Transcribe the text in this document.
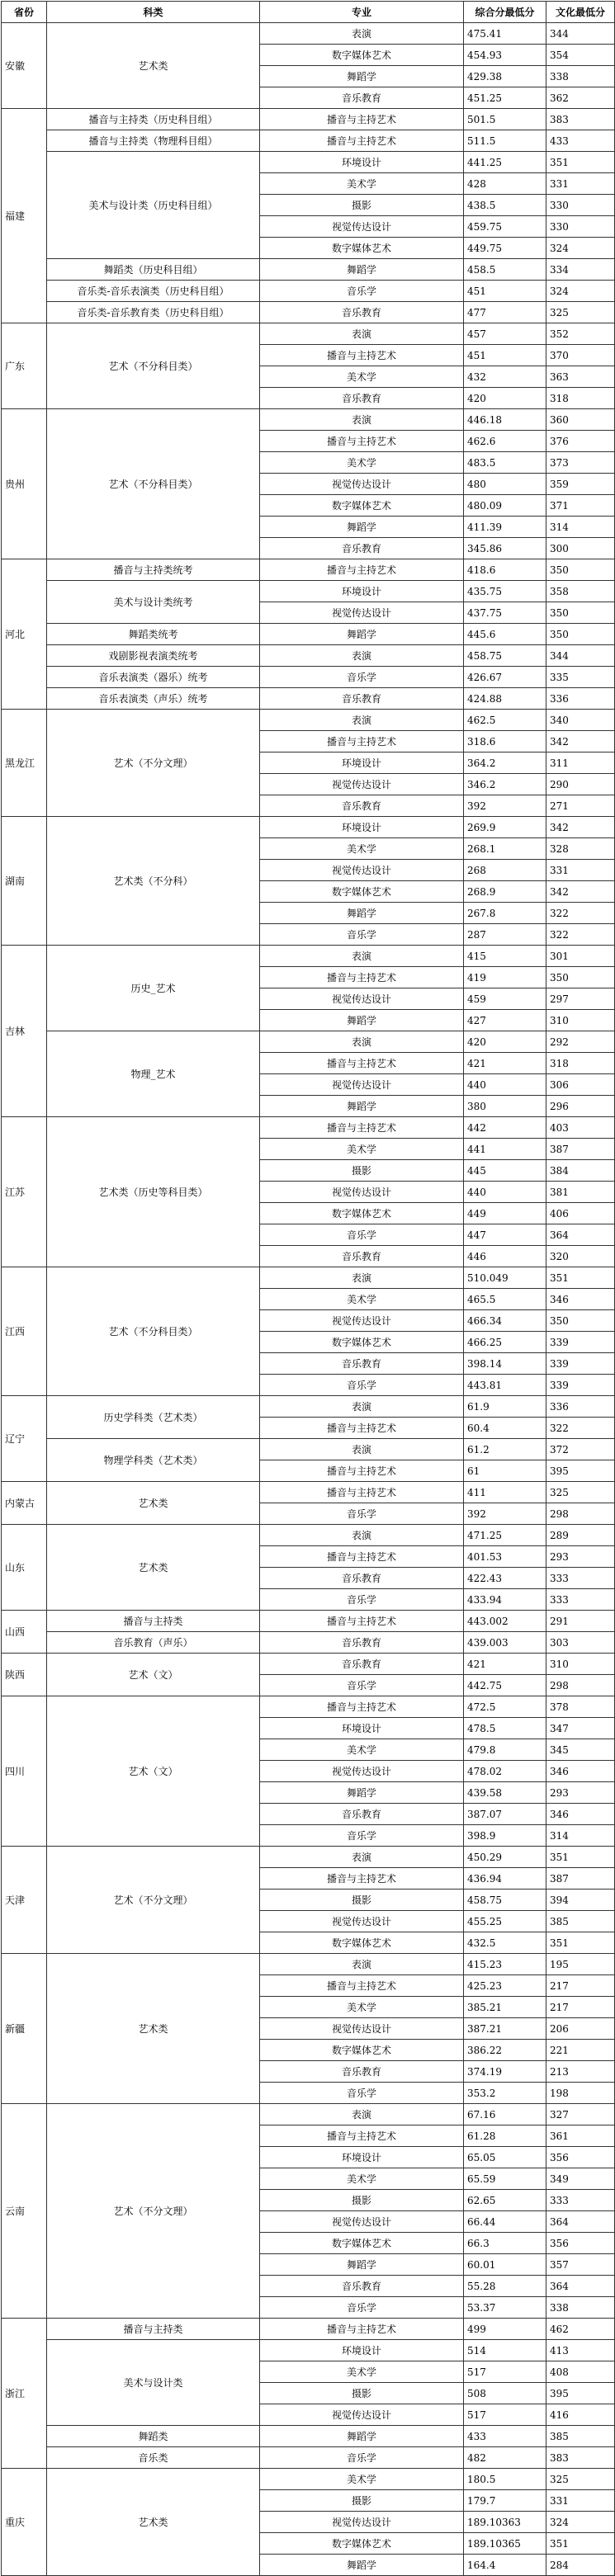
省份	科类	专业	综合分最低分	文化最低分
安徽	艺术类	表演	475.41	344
		数字媒体艺术	454.93	354
		舞蹈学	429.38	338
		音乐教育	451.25	362
福建	播音与主持类（历史科目组）	播音与主持艺术	501.5	383
	播音与主持类（物理科目组）	播音与主持艺术	511.5	433
	美术与设计类（历史科目组）	环境设计	441.25	351
		美术学	428	331
		摄影	438.5	330
		视觉传达设计	459.75	330
		数字媒体艺术	449.75	324
	舞蹈类（历史科目组）	舞蹈学	458.5	334
	音乐类-音乐表演类（历史科目组）	音乐学	451	324
	音乐类-音乐教育类（历史科目组）	音乐教育	477	325
广东	艺术（不分科目类）	表演	457	352
		播音与主持艺术	451	370
		美术学	432	363
		音乐教育	420	318
贵州	艺术（不分科目类）	表演	446.18	360
		播音与主持艺术	462.6	376
		美术学	483.5	373
		视觉传达设计	480	359
		数字媒体艺术	480.09	371
		舞蹈学	411.39	314
		音乐教育	345.86	300
河北	播音与主持类统考	播音与主持艺术	418.6	350
	美术与设计类统考	环境设计	435.75	358
		视觉传达设计	437.75	350
	舞蹈类统考	舞蹈学	445.6	350
	戏剧影视表演类统考	表演	458.75	344
	音乐表演类（器乐）统考	音乐学	426.67	335
	音乐表演类（声乐）统考	音乐教育	424.88	336
黑龙江	艺术（不分文理）	表演	462.5	340
		播音与主持艺术	318.6	342
		环境设计	364.2	311
		视觉传达设计	346.2	290
		音乐教育	392	271
湖南	艺术类（不分科）	环境设计	269.9	342
		美术学	268.1	328
		视觉传达设计	268	331
		数字媒体艺术	268.9	342
		舞蹈学	267.8	322
		音乐学	287	322
吉林	历史_艺术	表演	415	301
		播音与主持艺术	419	350
		视觉传达设计	459	297
		舞蹈学	427	310
	物理_艺术	表演	420	292
		播音与主持艺术	421	318
		视觉传达设计	440	306
		舞蹈学	380	296
江苏	艺术类（历史等科目类）	播音与主持艺术	442	403
		美术学	441	387
		摄影	445	384
		视觉传达设计	440	381
		数字媒体艺术	449	406
		音乐学	447	364
		音乐教育	446	320
江西	艺术（不分科目类）	表演	510.049	351
		美术学	465.5	346
		视觉传达设计	466.34	350
		数字媒体艺术	466.25	339
		音乐教育	398.14	339
		音乐学	443.81	339
辽宁	历史学科类（艺术类）	表演	61.9	336
		播音与主持艺术	60.4	322
	物理学科类（艺术类）	表演	61.2	372
		播音与主持艺术	61	395
内蒙古	艺术类	播音与主持艺术	411	325
		音乐学	392	298
山东	艺术类	表演	471.25	289
		播音与主持艺术	401.53	293
		音乐教育	422.43	333
		音乐学	433.94	333
山西	播音与主持类	播音与主持艺术	443.002	291
	音乐教育（声乐）	音乐教育	439.003	303
陕西	艺术（文）	音乐教育	421	310
		音乐学	442.75	298
四川	艺术（文）	播音与主持艺术	472.5	378
		环境设计	478.5	347
		美术学	479.8	345
		视觉传达设计	478.02	346
		舞蹈学	439.58	293
		音乐教育	387.07	346
		音乐学	398.9	314
天津	艺术（不分文理）	表演	450.29	351
		播音与主持艺术	436.94	387
		摄影	458.75	394
		视觉传达设计	455.25	385
		数字媒体艺术	432.5	351
新疆	艺术类	表演	415.23	195
		播音与主持艺术	425.23	217
		美术学	385.21	217
		视觉传达设计	387.21	206
		数字媒体艺术	386.22	221
		音乐教育	374.19	213
		音乐学	353.2	198
云南	艺术（不分文理）	表演	67.16	327
		播音与主持艺术	61.28	361
		环境设计	65.05	356
		美术学	65.59	349
		摄影	62.65	333
		视觉传达设计	66.44	364
		数字媒体艺术	66.3	356
		舞蹈学	60.01	357
		音乐教育	55.28	364
		音乐学	53.37	338
浙江	播音与主持类	播音与主持艺术	499	462
	美术与设计类	环境设计	514	413
		美术学	517	408
		摄影	508	395
		视觉传达设计	517	416
	舞蹈类	舞蹈学	433	385
	音乐类	音乐学	482	383
重庆	艺术类	美术学	180.5	325
		摄影	179.7	331
		视觉传达设计	189.10363	324
		数字媒体艺术	189.10365	351
		舞蹈学	164.4	284
